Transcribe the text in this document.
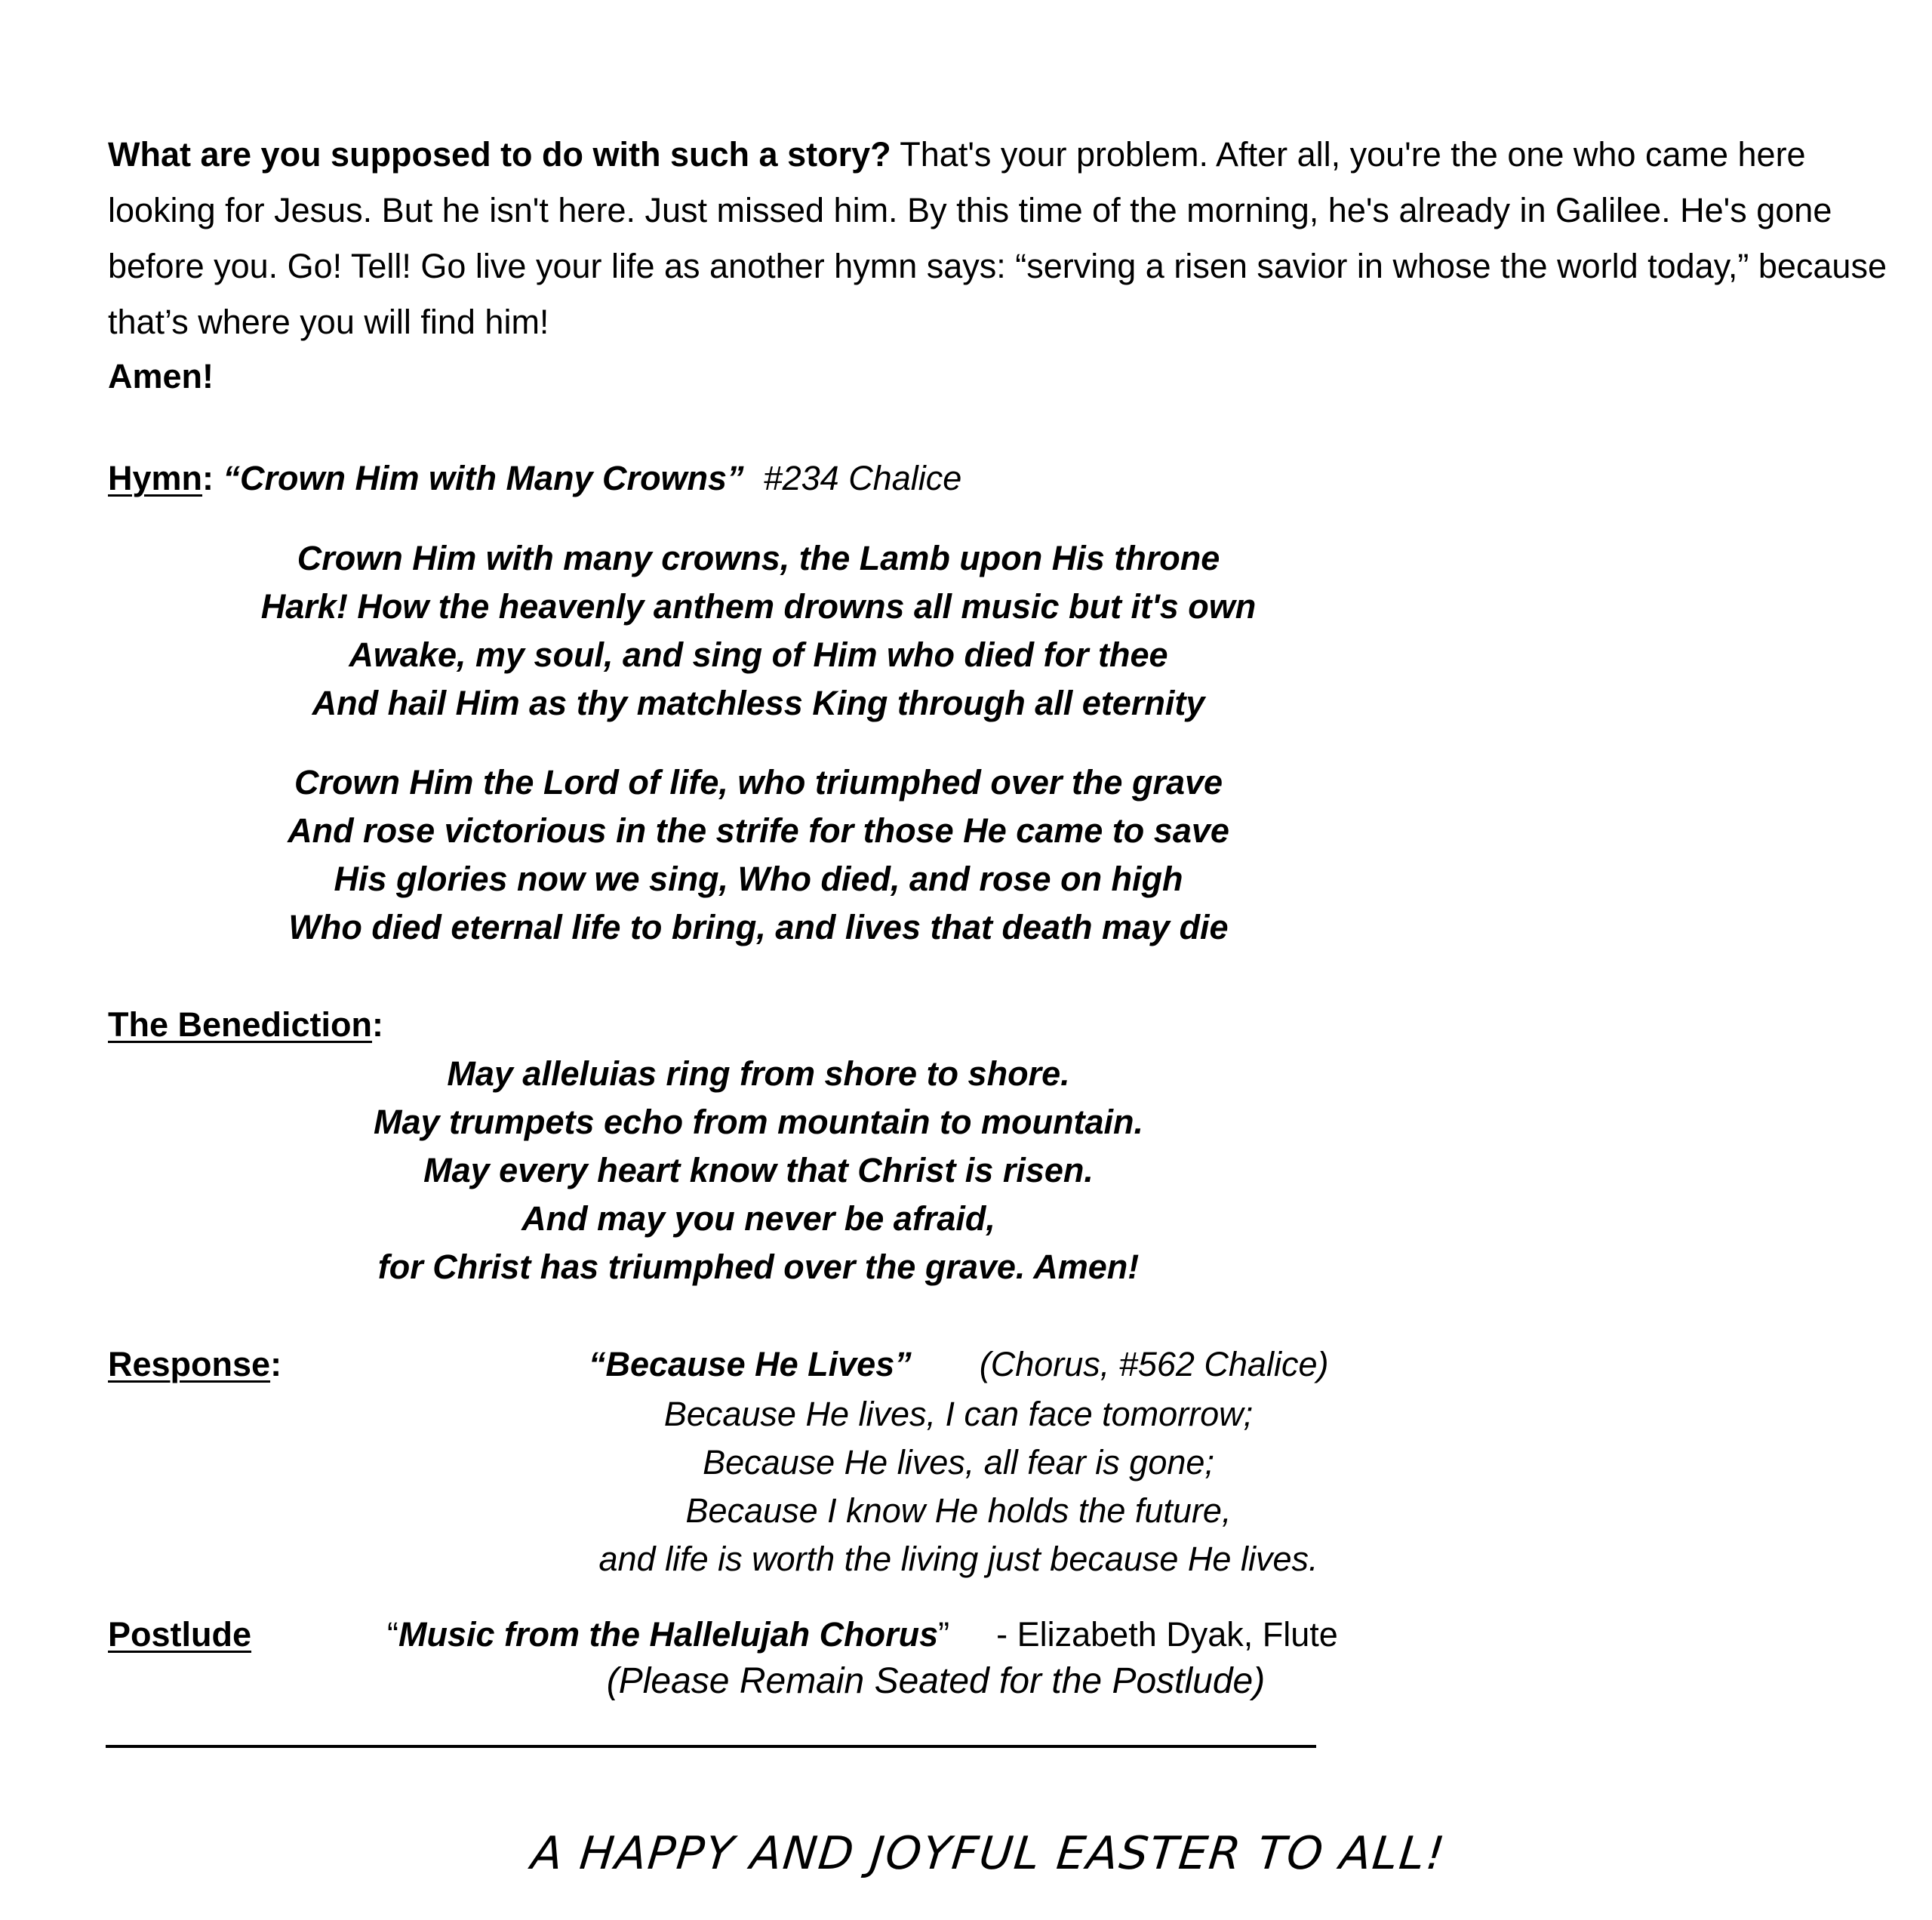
What are you supposed to do with such a story? That's your problem. After all, you're the one who came here looking for Jesus. But he isn't here. Just missed him. By this time of the morning, he's already in Galilee. He's gone before you. Go! Tell! Go live your life as another hymn says: “serving a risen savior in whose the world today,” because that’s where you will find him!
Amen!
Hymn: “Crown Him with Many Crowns” #234 Chalice
Crown Him with many crowns, the Lamb upon His throne
Hark! How the heavenly anthem drowns all music but it's own
Awake, my soul, and sing of Him who died for thee
And hail Him as thy matchless King through all eternity
Crown Him the Lord of life, who triumphed over the grave
And rose victorious in the strife for those He came to save
His glories now we sing, Who died, and rose on high
Who died eternal life to bring, and lives that death may die
The Benediction:
May alleluias ring from shore to shore.
May trumpets echo from mountain to mountain.
May every heart know that Christ is risen.
And may you never be afraid,
for Christ has triumphed over the grave. Amen!
Response:	“Because He Lives” (Chorus, #562 Chalice)
Because He lives, I can face tomorrow;
Because He lives, all fear is gone;
Because I know He holds the future,
and life is worth the living just because He lives.
Postlude	“Music from the Hallelujah Chorus” - Elizabeth Dyak, Flute
(Please Remain Seated for the Postlude)
A HAPPY AND JOYFUL EASTER TO ALL!
